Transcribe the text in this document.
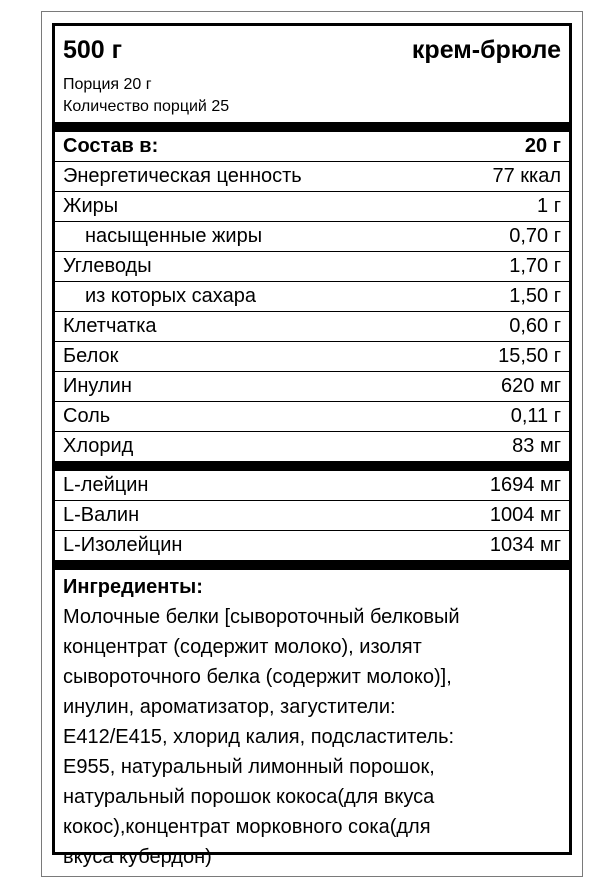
500 г	крем-брюле
Порция 20 г
Количество порций 25
Состав в:	20 г
Энергетическая ценность	77 ккал
Жиры	1 г
насыщенные жиры	0,70 г
Углеводы	1,70 г
из которых сахара	1,50 г
Клетчатка	0,60 г
Белок	15,50 г
Инулин	620 мг
Соль	0,11 г
Хлорид	83 мг
L-лейцин	1694 мг
L-Валин	1004 мг
L-Изолейцин	1034 мг
Ингредиенты:
Молочные белки [сывороточный белковый
концентрат (содержит молоко), изолят
сывороточного белка (содержит молоко)],
инулин, ароматизатор, загустители:
E412/E415, хлорид калия, подсластитель:
E955, натуральный лимонный порошок,
натуральный порошок кокоса(для вкуса
кокос),концентрат морковного сока(для
вкуса кубердон)
